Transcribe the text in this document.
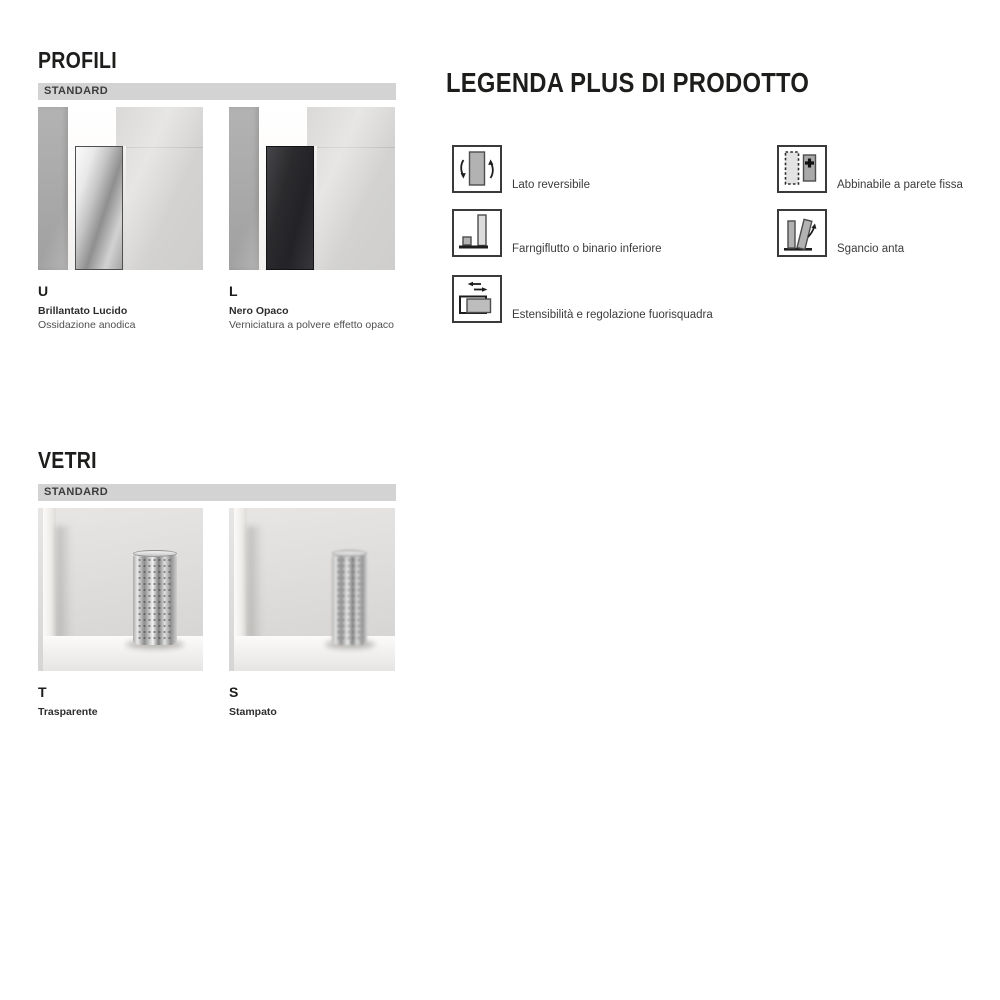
PROFILI
STANDARD

U

Brillantato Lucido

Ossidazione anodica

L

Nero Opaco

Verniciatura a polvere effetto opaco

LEGENDA PLUS DI PRODOTTO
Lato reversibile
Farngiflutto o binario inferiore
Estensibilità e regolazione fuorisquadra
Abbinabile a parete fissa
Sgancio anta
VETRI
STANDARD

T

Trasparente

S

Stampato
